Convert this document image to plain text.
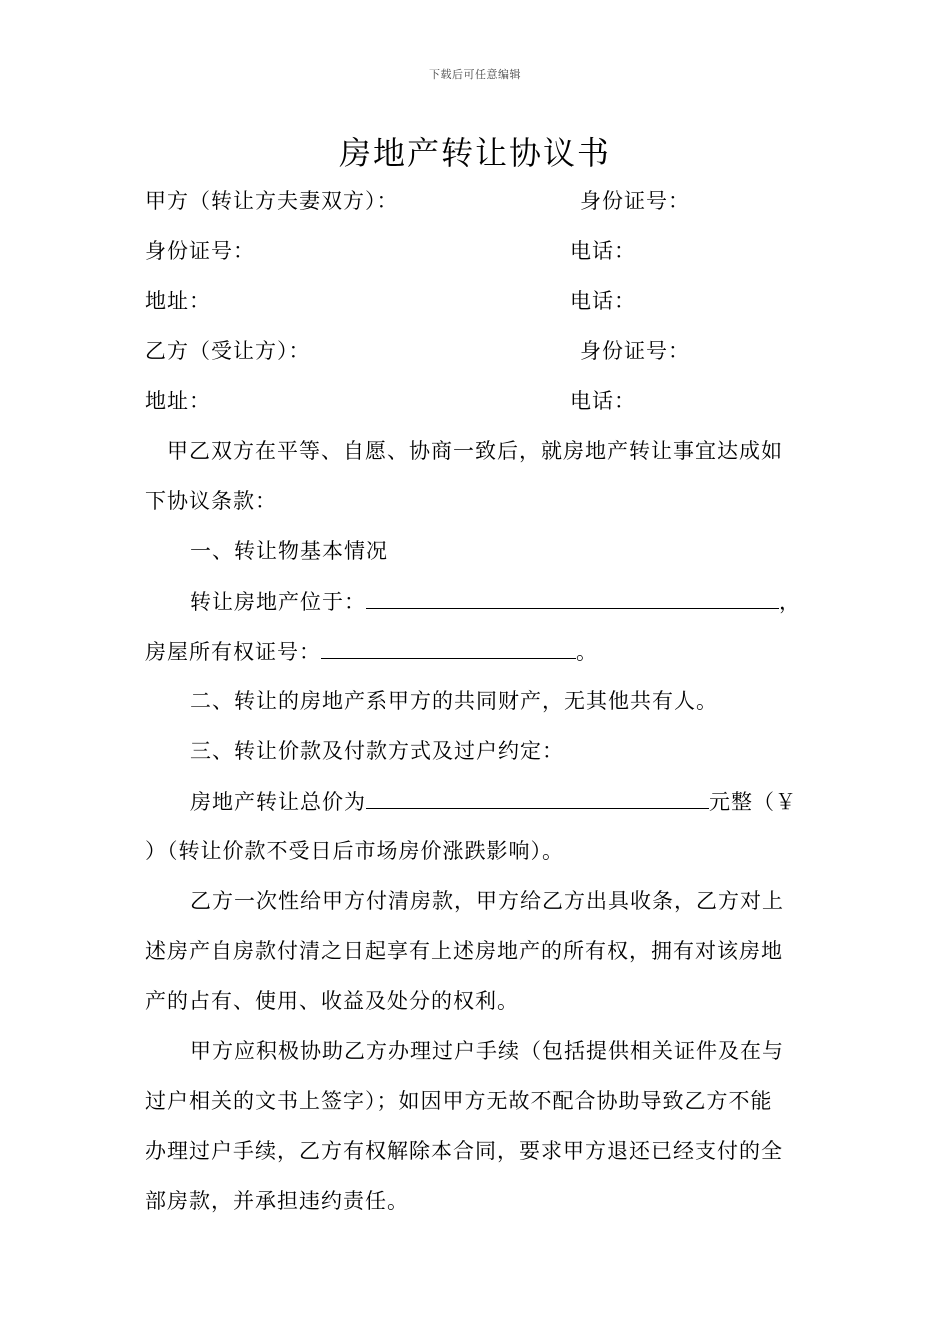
下载后可任意编辑
房地产转让协议书
甲方（转让方夫妻双方）：	身份证号：
身份证号：	电话：
地址：	电话：
乙方（受让方）：	身份证号：
地址：	电话：
甲乙双方在平等、自愿、协商一致后，就房地产转让事宜达成如
下协议条款：
一、转让物基本情况
转让房地产位于：	，
房屋所有权证号：	。
二、转让的房地产系甲方的共同财产，无其他共有人。
三、转让价款及付款方式及过户约定：
房地产转让总价为	元整（￥
）（转让价款不受日后市场房价涨跌影响）。
乙方一次性给甲方付清房款，甲方给乙方出具收条，乙方对上
述房产自房款付清之日起享有上述房地产的所有权，拥有对该房地
产的占有、使用、收益及处分的权利。
甲方应积极协助乙方办理过户手续（包括提供相关证件及在与
过户相关的文书上签字）；如因甲方无故不配合协助导致乙方不能
办理过户手续，乙方有权解除本合同，要求甲方退还已经支付的全
部房款，并承担违约责任。
